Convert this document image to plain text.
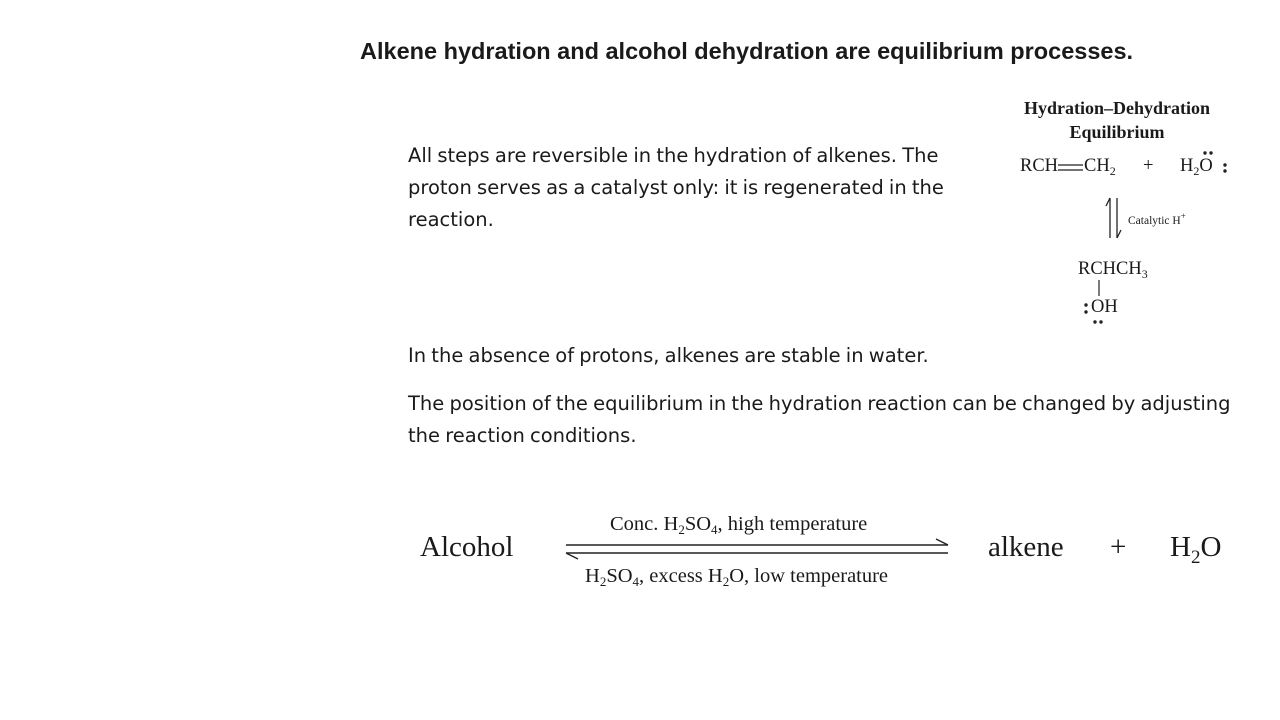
Alkene hydration and alcohol dehydration are equilibrium processes.
All steps are reversible in the hydration of alkenes. The proton serves as a catalyst only: it is regenerated in the reaction.
In the absence of protons, alkenes are stable in water.
The position of the equilibrium in the hydration reaction can be changed by adjusting the reaction conditions.
Hydration–Dehydration
Equilibrium
RCH $CH_2 + H_2O$
Catalytic H+
$RCHCH_3$
OH
Alcohol
Conc. $H_2SO_4$, high temperature
$H_2SO_4$, excess $H_2O$, low temperature
alkene + $H_2O$
